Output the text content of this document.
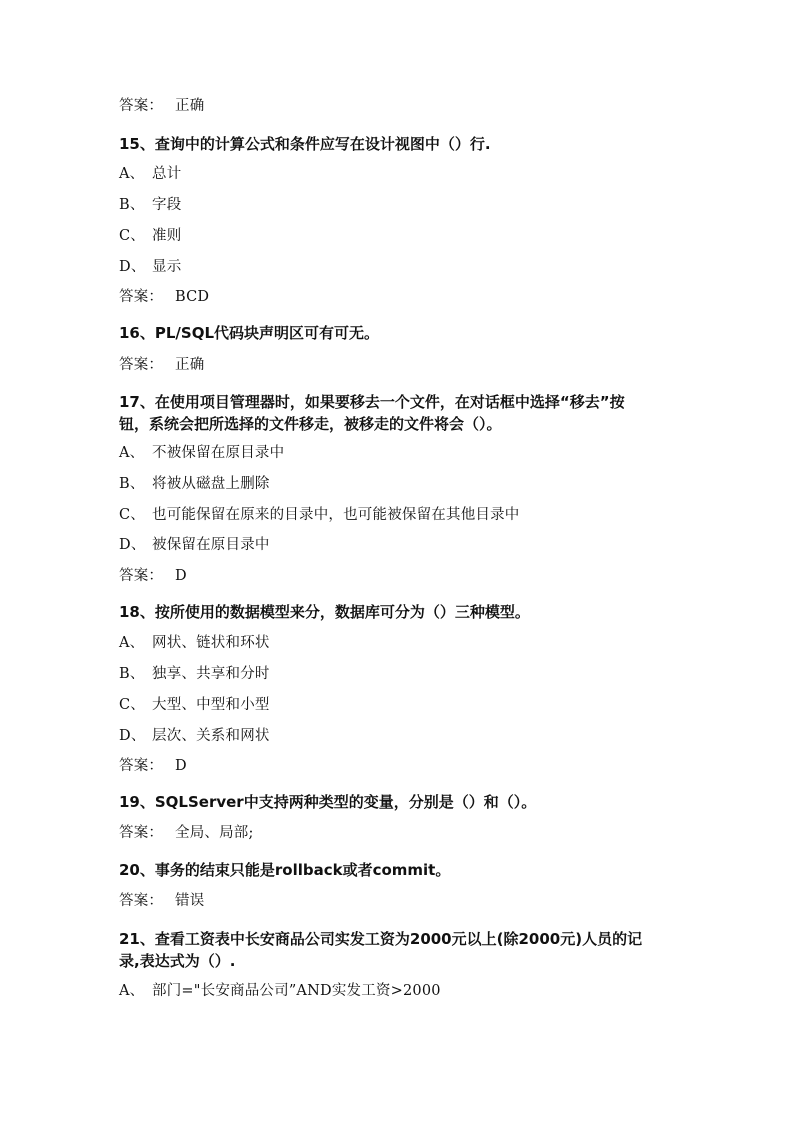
答案： 正确
15、查询中的计算公式和条件应写在设计视图中（）行.
A、 总计
B、 字段
C、 准则
D、 显示
答案： BCD
16、PL/SQL代码块声明区可有可无。
答案： 正确
17、在使用项目管理器时，如果要移去一个文件，在对话框中选择“移去”按
钮，系统会把所选择的文件移走，被移走的文件将会（）。
A、 不被保留在原目录中
B、 将被从磁盘上删除
C、 也可能保留在原来的目录中，也可能被保留在其他目录中
D、 被保留在原目录中
答案： D
18、按所使用的数据模型来分，数据库可分为（）三种模型。
A、 网状、链状和环状
B、 独享、共享和分时
C、 大型、中型和小型
D、 层次、关系和网状
答案： D
19、SQLServer中支持两种类型的变量，分别是（）和（）。
答案： 全局、局部;
20、事务的结束只能是rollback或者commit。
答案： 错误
21、查看工资表中长安商品公司实发工资为2000元以上(除2000元)人员的记
录,表达式为（）.
A、 部门="长安商品公司”AND实发工资>2000
